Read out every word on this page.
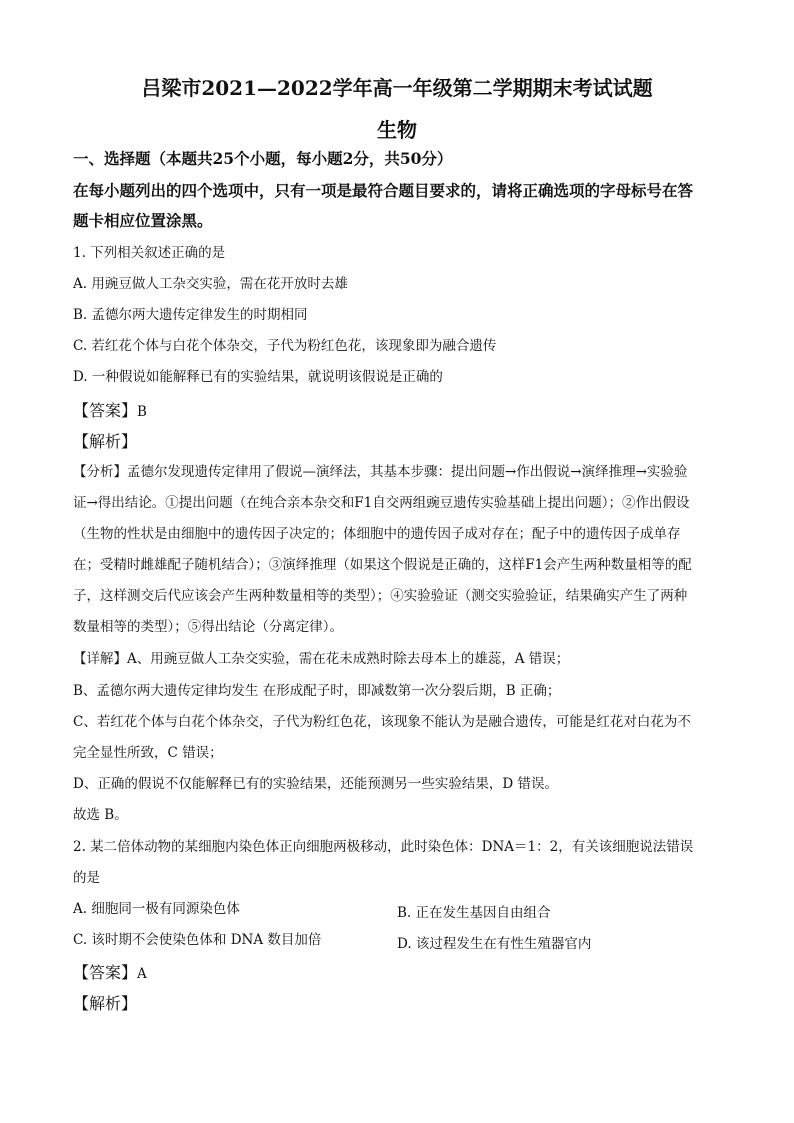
吕梁市2021—2022学年高一年级第二学期期末考试试题
生物
一、选择题（本题共25个小题，每小题2分，共50分）
在每小题列出的四个选项中，只有一项是最符合题目要求的，请将正确选项的字母标号在答
题卡相应位置涂黑。
1. 下列相关叙述正确的是
A. 用豌豆做人工杂交实验，需在花开放时去雄
B. 孟德尔两大遗传定律发生的时期相同
C. 若红花个体与白花个体杂交，子代为粉红色花，该现象即为融合遗传
D. 一种假说如能解释已有的实验结果，就说明该假说是正确的
【答案】B
【解析】
【分析】孟德尔发现遗传定律用了假说—演绎法，其基本步骤：提出问题→作出假说→演绎推理→实验验
证→得出结论。①提出问题（在纯合亲本杂交和F1自交两组豌豆遗传实验基础上提出问题）；②作出假设
（生物的性状是由细胞中的遗传因子决定的；体细胞中的遗传因子成对存在；配子中的遗传因子成单存
在；受精时雌雄配子随机结合）；③演绎推理（如果这个假说是正确的，这样F1会产生两种数量相等的配
子，这样测交后代应该会产生两种数量相等的类型）；④实验验证（测交实验验证，结果确实产生了两种
数量相等的类型）；⑤得出结论（分离定律）。
【详解】A、用豌豆做人工杂交实验，需在花未成熟时除去母本上的雄蕊，A 错误；
B、孟德尔两大遗传定律均发生 在形成配子时，即减数第一次分裂后期，B 正确；
C、若红花个体与白花个体杂交，子代为粉红色花，该现象不能认为是融合遗传，可能是红花对白花为不
完全显性所致，C 错误；
D、正确的假说不仅能解释已有的实验结果，还能预测另一些实验结果，D 错误。
故选 B。
2. 某二倍体动物的某细胞内染色体正向细胞两极移动，此时染色体：DNA＝1：2，有关该细胞说法错误
的是
A. 细胞同一极有同源染色体	B. 正在发生基因自由组合
C. 该时期不会使染色体和 DNA 数目加倍	D. 该过程发生在有性生殖器官内
【答案】A
【解析】
